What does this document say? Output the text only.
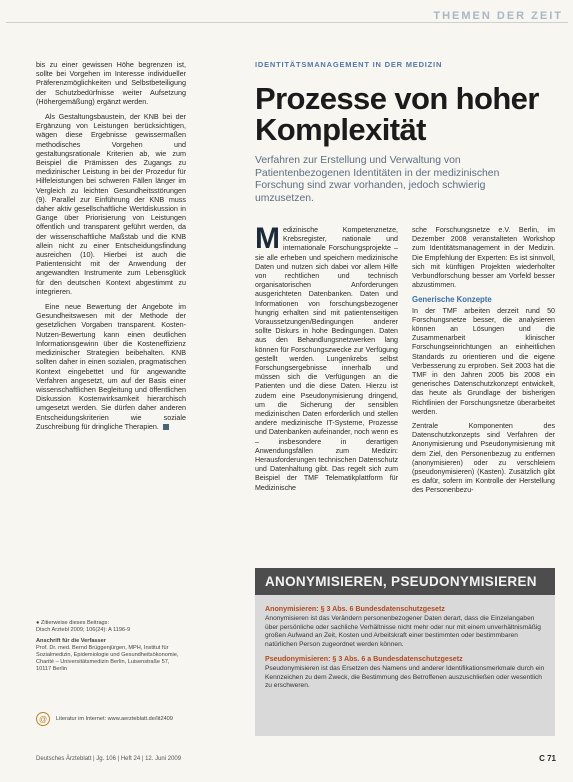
THEMEN DER ZEIT

bis zu einer gewissen Höhe begrenzen ist, sollte bei Vorgehen im Interesse individueller Präferenzmöglichkeiten und Selbstbeteiligung der Schutzbedürfnisse weiter Aufsetzung (Höhergemäßung) ergänzt werden.

Als Gestaltungsbaustein, der KNB bei der Ergänzung von Leistungen berücksichtigen, wägen diese Ergebnisse gewissermaßen methodisches Vorgehen und gestaltungsrationale Kriterien ab, wie zum Beispiel die Prämissen des Zugangs zu medizinischer Leistung in bei der Prozedur für Hilfeleistungen bei schweren Fällen länger im Vergleich zu leichten Gesundheitsstörungen (9). Parallel zur Einführung der KNB muss daher aktiv gesellschaftliche Wertdiskussion in Gange über Priorisierung von Leistungen öffentlich und transparent geführt werden, da der wissenschaftliche Maßstab und die KNB allein nicht zu einer Entscheidungsfindung ausreichen (10). Hierbei ist auch die Patientensicht mit der Anwendung der angewandten Instrumente zum Lebensglück für den deutschen Kontext abgestimmt zu integrieren.

Eine neue Bewertung der Angebote im Gesundheitswesen mit der Methode der gesetzlichen Vorgaben transparent. Kosten-Nutzen-Bewertung kann einen deutlichen Informationsgewinn über die Kosteneffizienz medizinischer Strategien beibehalten. KNB sollten daher in einen sozialen, pragmatischen Kontext eingebettet und für angewandte Verfahren angesetzt, um auf der Basis einer wissenschaftlichen Begleitung und öffentlichen Diskussion Kostenwirksamkeit hierarchisch umgesetzt werden. Sie dürfen daher anderen Entscheidungskriterien wie soziale Zuschreibung für dringliche Therapien.

● Zitierweise dieses Beitrags:
Dtsch Arztebl 2009; 106(24): A 1196-9
Anschrift für die Verfasser
Prof. Dr. med. Bernd Brüggenjürgen, MPH, Institut für Sozialmedizin, Epidemiologie und Gesundheitsökonomie, Charité – Universitätsmedizin Berlin, Luisenstraße 57, 10117 Berlin
@	Literatur im Internet: www.aerzteblatt.de/lit2409
IDENTITÄTSMANAGEMENT IN DER MEDIZIN
Prozesse von hoher
Komplexität
Verfahren zur Erstellung und Verwaltung von Patientenbezogenen Identitäten in der medizinischen Forschung sind zwar vorhanden, jedoch schwierig umzusetzen.

M edizinische Kompetenznetze, Krebsregister, nationale und internationale Forschungsprojekte – sie alle erheben und speichern medizinische Daten und nutzen sich dabei vor allem Hilfe von rechtlichen und technisch organisatorischen Anforderungen ausgerichteten Datenbanken. Daten und Informationen von forschungsbezogener hungrig erhalten sind mit patientenseitigen Voraussetzungen/Bedingungen anderer sollte Diskurs in hohe Bedingungen. Daten aus den Behandlungsnetzwerken lang können für Forschungszwecke zur Verfügung gestellt werden. Lungenkrebs selbst Forschungsergebnisse innerhalb und müssen sich die Verfügungen an die Patienten und die diese Daten. Hierzu ist zudem eine Pseudonymisierung dringend, um die Sicherung der sensiblen medizinischen Daten erforderlich und stellen andere medizinische IT-Systeme, Prozesse und Datenbanken aufeinander, noch wenn es – insbesondere in derartigen Anwendungsfällen zum Medizin: Herausforderungen technischen Datenschutz und Datenhaltung gibt. Das regelt sich zum Beispiel der TMF Telematikplattform für Medizinische

sche Forschungsnetze e.V. Berlin, im Dezember 2008 veranstalteten Workshop zum Identitätsmanagement in der Medizin. Die Empfehlung der Experten: Es ist sinnvoll, sich mit künftigen Projekten wiederholter Verbundforschung besser am Vorfeld besser abzustimmen.

Generische Konzepte

In der TMF arbeiten derzeit rund 50 Forschungsnetze besser, die analysieren können an Lösungen und die Zusammenarbeit klinischer Forschungseinrichtungen an einheitlichen Standards zu orientieren und die eigene Verbesserung zu erproben. Seit 2003 hat die TMF in den Jahren 2005 bis 2008 ein generisches Datenschutzkonzept entwickelt, das heute als Grundlage der bisherigen Richtlinien der Forschungsnetze überarbeitet werden.

Zentrale Komponenten des Datenschutzkonzepts sind Verfahren der Anonymisierung und Pseudonymisierung mit dem Ziel, den Personenbezug zu entfernen (anonymisieren) oder zu verschleiern (pseudonymisieren) (Kasten). Zusätzlich gibt es dafür, sofern im Kontrolle der Herstellung des Personenbezu-

ANONYMISIEREN, PSEUDONYMISIEREN
Anonymisieren: § 3 Abs. 6 Bundesdatenschutzgesetz
Anonymisieren ist das Verändern personenbezogener Daten derart, dass die Einzelangaben über persönliche oder sachliche Verhältnisse nicht mehr oder nur mit einem unverhältnismäßig großen Aufwand an Zeit, Kosten und Arbeitskraft einer bestimmten oder bestimmbaren natürlichen Person zugeordnet werden können.
Pseudonymisieren: § 3 Abs. 6 a Bundesdatenschutzgesetz
Pseudonymisieren ist das Ersetzen des Namens und anderer Identifikationsmerkmale durch ein Kennzeichen zu dem Zweck, die Bestimmung des Betroffenen auszuschließen oder wesentlich zu erschweren.
Deutsches Ärzteblatt | Jg. 106 | Heft 24 | 12. Juni 2009	C 71
